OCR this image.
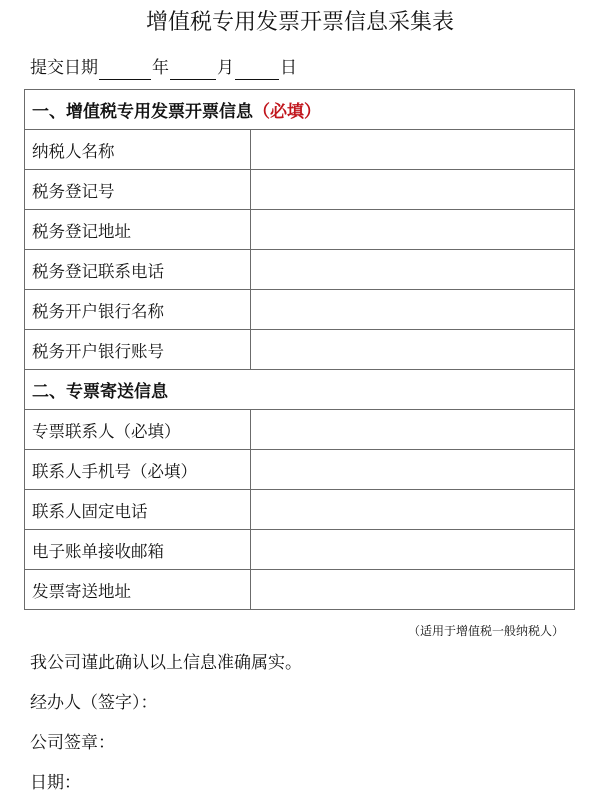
增值税专用发票开票信息采集表
提交日期	年	月	日
一、增值税专用发票开票信息（必填）	
纳税人名称	
税务登记号	
税务登记地址	
税务登记联系电话	
税务开户银行名称	
税务开户银行账号	
二、专票寄送信息	
专票联系人（必填）	
联系人手机号（必填）	
联系人固定电话	
电子账单接收邮箱	
发票寄送地址	
（适用于增值税一般纳税人）
我公司谨此确认以上信息准确属实。
经办人（签字）：
公司签章：
日期：
